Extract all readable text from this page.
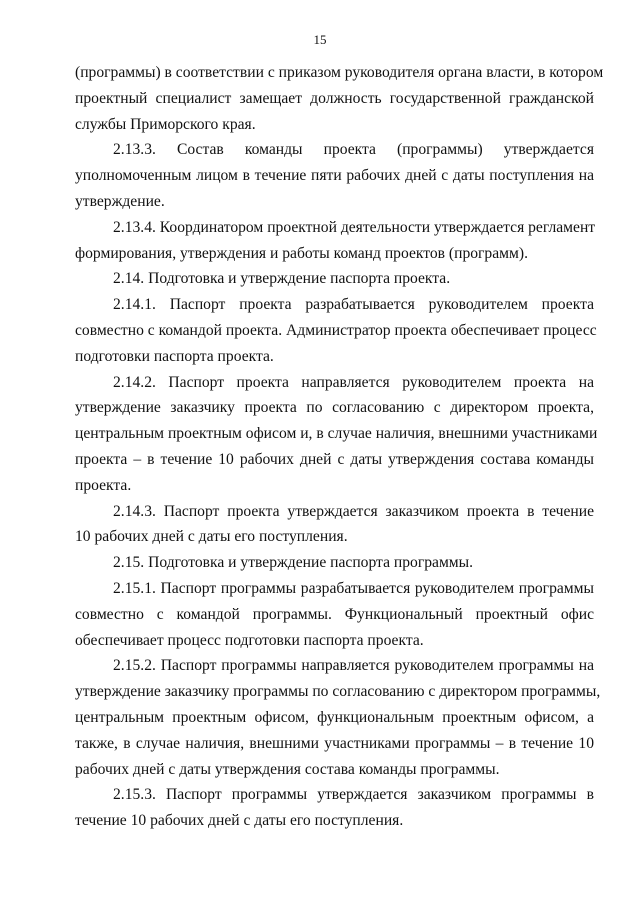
15

(программы) в соответствии с приказом руководителя органа власти, в котором
проектный специалист замещает должность государственной гражданской
службы Приморского края.

2.13.3. Состав команды проекта (программы) утверждается
уполномоченным лицом в течение пяти рабочих дней с даты поступления на
утверждение.

2.13.4. Координатором проектной деятельности утверждается регламент
формирования, утверждения и работы команд проектов (программ).

2.14. Подготовка и утверждение паспорта проекта.

2.14.1. Паспорт проекта разрабатывается руководителем проекта
совместно с командой проекта. Администратор проекта обеспечивает процесс
подготовки паспорта проекта.

2.14.2. Паспорт проекта направляется руководителем проекта на
утверждение заказчику проекта по согласованию с директором проекта,
центральным проектным офисом и, в случае наличия, внешними участниками
проекта – в течение 10 рабочих дней с даты утверждения состава команды
проекта.

2.14.3. Паспорт проекта утверждается заказчиком проекта в течение
10 рабочих дней с даты его поступления.

2.15. Подготовка и утверждение паспорта программы.

2.15.1. Паспорт программы разрабатывается руководителем программы
совместно с командой программы. Функциональный проектный офис
обеспечивает процесс подготовки паспорта проекта.

2.15.2. Паспорт программы направляется руководителем программы на
утверждение заказчику программы по согласованию с директором программы,
центральным проектным офисом, функциональным проектным офисом, а
также, в случае наличия, внешними участниками программы – в течение 10
рабочих дней с даты утверждения состава команды программы.

2.15.3. Паспорт программы утверждается заказчиком программы в
течение 10 рабочих дней с даты его поступления.
